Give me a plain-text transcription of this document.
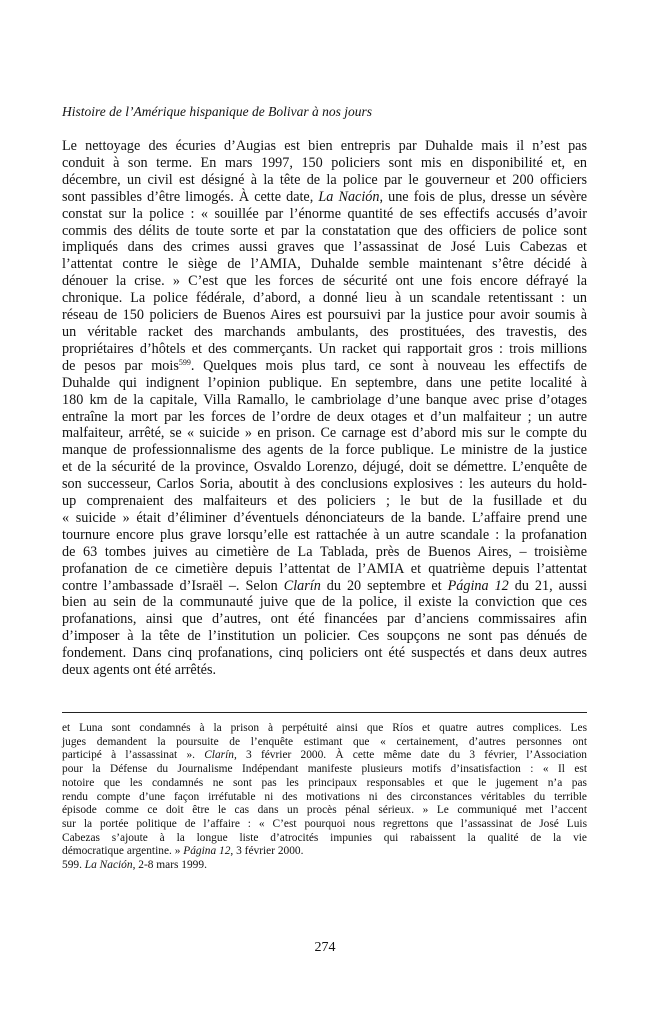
Histoire de l’Amérique hispanique de Bolivar à nos jours
Le nettoyage des écuries d’Augias est bien entrepris par Duhalde mais il n’est pas
conduit à son terme. En mars 1997, 150 policiers sont mis en disponibilité et, en
décembre, un civil est désigné à la tête de la police par le gouverneur et 200 officiers
sont passibles d’être limogés. À cette date, La Nación, une fois de plus, dresse un sévère
constat sur la police : « souillée par l’énorme quantité de ses effectifs accusés d’avoir
commis des délits de toute sorte et par la constatation que des officiers de police sont
impliqués dans des crimes aussi graves que l’assassinat de José Luis Cabezas et
l’attentat contre le siège de l’AMIA, Duhalde semble maintenant s’être décidé à
dénouer la crise. » C’est que les forces de sécurité ont une fois encore défrayé la
chronique. La police fédérale, d’abord, a donné lieu à un scandale retentissant : un
réseau de 150 policiers de Buenos Aires est poursuivi par la justice pour avoir soumis à
un véritable racket des marchands ambulants, des prostituées, des travestis, des
propriétaires d’hôtels et des commerçants. Un racket qui rapportait gros : trois millions
de pesos par mois$^{599}$. Quelques mois plus tard, ce sont à nouveau les effectifs de
Duhalde qui indignent l’opinion publique. En septembre, dans une petite localité à
180 km de la capitale, Villa Ramallo, le cambriolage d’une banque avec prise d’otages
entraîne la mort par les forces de l’ordre de deux otages et d’un malfaiteur ; un autre
malfaiteur, arrêté, se « suicide » en prison. Ce carnage est d’abord mis sur le compte du
manque de professionnalisme des agents de la force publique. Le ministre de la justice
et de la sécurité de la province, Osvaldo Lorenzo, déjugé, doit se démettre. L’enquête de
son successeur, Carlos Soria, aboutit à des conclusions explosives : les auteurs du hold-
up comprenaient des malfaiteurs et des policiers ; le but de la fusillade et du
« suicide » était d’éliminer d’éventuels dénonciateurs de la bande. L’affaire prend une
tournure encore plus grave lorsqu’elle est rattachée à un autre scandale : la profanation
de 63 tombes juives au cimetière de La Tablada, près de Buenos Aires, – troisième
profanation de ce cimetière depuis l’attentat de l’AMIA et quatrième depuis l’attentat
contre l’ambassade d’Israël –. Selon Clarín du 20 septembre et Página 12 du 21, aussi
bien au sein de la communauté juive que de la police, il existe la conviction que ces
profanations, ainsi que d’autres, ont été financées par d’anciens commissaires afin
d’imposer à la tête de l’institution un policier. Ces soupçons ne sont pas dénués de
fondement. Dans cinq profanations, cinq policiers ont été suspectés et dans deux autres
deux agents ont été arrêtés.
et Luna sont condamnés à la prison à perpétuité ainsi que Ríos et quatre autres complices. Les
juges demandent la poursuite de l’enquête estimant que « certainement, d’autres personnes ont
participé à l’assassinat ». Clarín, 3 février 2000. À cette même date du 3 février, l’Association
pour la Défense du Journalisme Indépendant manifeste plusieurs motifs d’insatisfaction : « Il est
notoire que les condamnés ne sont pas les principaux responsables et que le jugement n’a pas
rendu compte d’une façon irréfutable ni des motivations ni des circonstances véritables du terrible
épisode comme ce doit être le cas dans un procès pénal sérieux. » Le communiqué met l’accent
sur la portée politique de l’affaire : « C’est pourquoi nous regrettons que l’assassinat de José Luis
Cabezas s’ajoute à la longue liste d’atrocités impunies qui rabaissent la qualité de la vie
démocratique argentine. » Página 12, 3 février 2000.
599. La Nación, 2-8 mars 1999.
274
